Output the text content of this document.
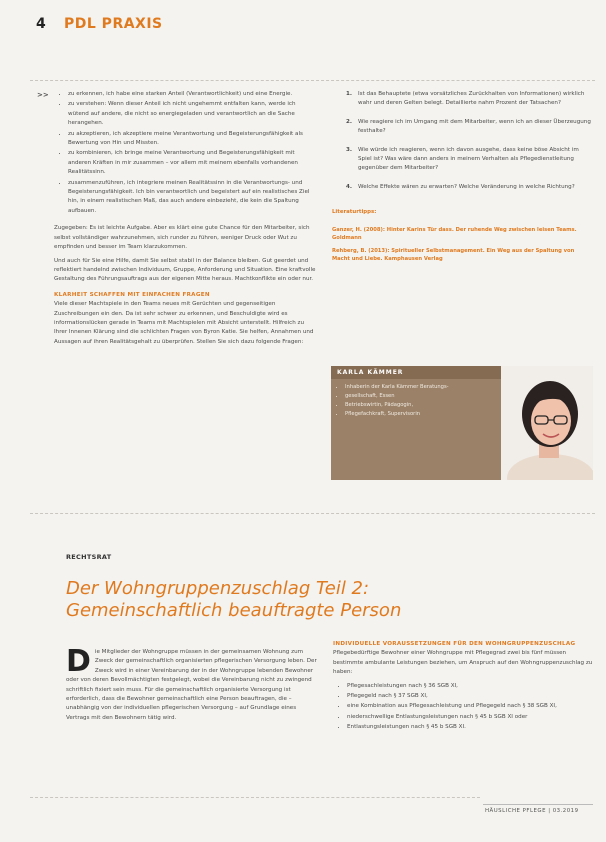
4 PDL PRAXIS
>>
•	zu erkennen, ich habe eine starken Anteil (Verantwortlichkeit) und eine Energie.
• zu verstehen: Wenn dieser Anteil ich nicht ungehemmt entfalten kann, werde ich wütend auf andere, die nicht so energiegeladen und verantwortlich an die Sache herangehen.
• zu akzeptieren, ich akzeptiere meine Verantwortung und Begeisterungsfähigkeit als Bewertung von Hin und Missten.
• zu kombinieren, ich bringe meine Verantwortung und Begeisterungsfähigkeit mit anderen Kräften in mir zusammen – vor allem mit meinem ebenfalls vorhandenen Realitätssinn.
• zusammenzuführen, ich integriere meinen Realitätssinn in die Verantwortungs- und Begeisterungsfähigkeit. Ich bin verantwortlich und begeistert auf ein realistisches Ziel hin, in einem realistischen Maß, das auch andere einbezieht, die kein die Spaltung aufbauen.

Zugegeben: Es ist leichte Aufgabe. Aber es klärt eine gute Chance für den Mitarbeiter, sich selbst vollständiger wahrzunehmen, sich runder zu führen, weniger Druck oder Wut zu empfinden und besser im Team klarzukommen.

Und auch für Sie eine Hilfe, damit Sie selbst stabil in der Balance bleiben. Gut geerdet und reflektiert handelnd zwischen Individuum, Gruppe, Anforderung und Situation. Eine kraftvolle Gestaltung des Führungsauftrags aus der eigenen Mitte heraus. Machtkonflikte ein oder nur.

KLARHEIT SCHAFFEN MIT EINFACHEN FRAGEN

Viele dieser Machtspiele in den Teams neues mit Gerüchten und gegenseitigen Zuschreibungen ein den. Da ist sehr schwer zu erkennen, und Beschuldigte wird es informationslücken gerade in Teams mit Machtspielen mit Absicht unterstellt. Hilfreich zu Ihrer Innenen Klärung sind die schlichten Fragen von Byron Katie. Sie helfen, Annahmen und Aussagen auf ihren Realitätsgehalt zu überprüfen. Stellen Sie sich dazu folgende Fragen:

1. Ist das Behauptete (etwa vorsätzliches Zurückhalten von Informationen) wirklich wahr und deren Gelten belegt. Detaillierte nahm Prozent der Tatsachen?
2. Wie reagiere ich im Umgang mit dem Mitarbeiter, wenn ich an dieser Überzeugung festhalte?
3. Wie würde ich reagieren, wenn ich davon ausgehe, dass keine böse Absicht im Spiel ist? Was wäre dann anders in meinem Verhalten als Pflegedienstleitung gegenüber dem Mitarbeiter?
4. Welche Effekte wären zu erwarten? Welche Veränderung in welche Richtung?
Literaturtipps:

Ganzer, H. (2008): Hinter Karins Tür dass. Der ruhende Weg zwischen leisen Teams. Goldmann

Rehberg, B. (2013): Spiritueller Selbstmanagement. Ein Weg aus der Spaltung von Macht und Liebe. Kamphausen Verlag

KARLA KÄMMER
• Inhaberin der Karla Kämmer Beratungs-
• gesellschaft, Essen
• Betriebswirtin, Pädagogin,
• Pflegefachkraft, Supervisorin
RECHTSRAT
Der Wohngruppenzuschlag Teil 2:
Gemeinschaftlich beauftragte Person
D ie Mitglieder der Wohngruppe müssen in der gemeinsamen Wohnung zum Zweck der gemeinschaftlich organisierten pflegerischen Versorgung leben. Der Zweck wird in einer Vereinbarung der in der Wohngruppe lebenden Bewohner oder von deren Bevollmächtigten festgelegt, wobei die Vereinbarung nicht zu zwingend schriftlich fixiert sein muss. Für die gemeinschaftlich organisierte Versorgung ist erforderlich, dass die Bewohner gemeinschaftlich eine Person beauftragen, die – unabhängig von der individuellen pflegerischen Versorgung – auf Grundlage eines Vertrags mit den Bewohnern tätig wird.
INDIVIDUELLE VORAUSSETZUNGEN FÜR DEN WOHNGRUPPENZUSCHLAG

Pflegebedürftige Bewohner einer Wohngruppe mit Pflegegrad zwei bis fünf müssen bestimmte ambulante Leistungen beziehen, um Anspruch auf den Wohngruppenzuschlag zu haben:

• Pflegesachleistungen nach § 36 SGB XI,
• Pflegegeld nach § 37 SGB XI,
• eine Kombination aus Pflegesachleistung und Pflegegeld nach § 38 SGB XI,
• niederschwellige Entlastungsleistungen nach § 45 b SGB XI oder
• Entlastungsleistungen nach § 45 b SGB XI.
HÄUSLICHE PFLEGE | 03.2019
